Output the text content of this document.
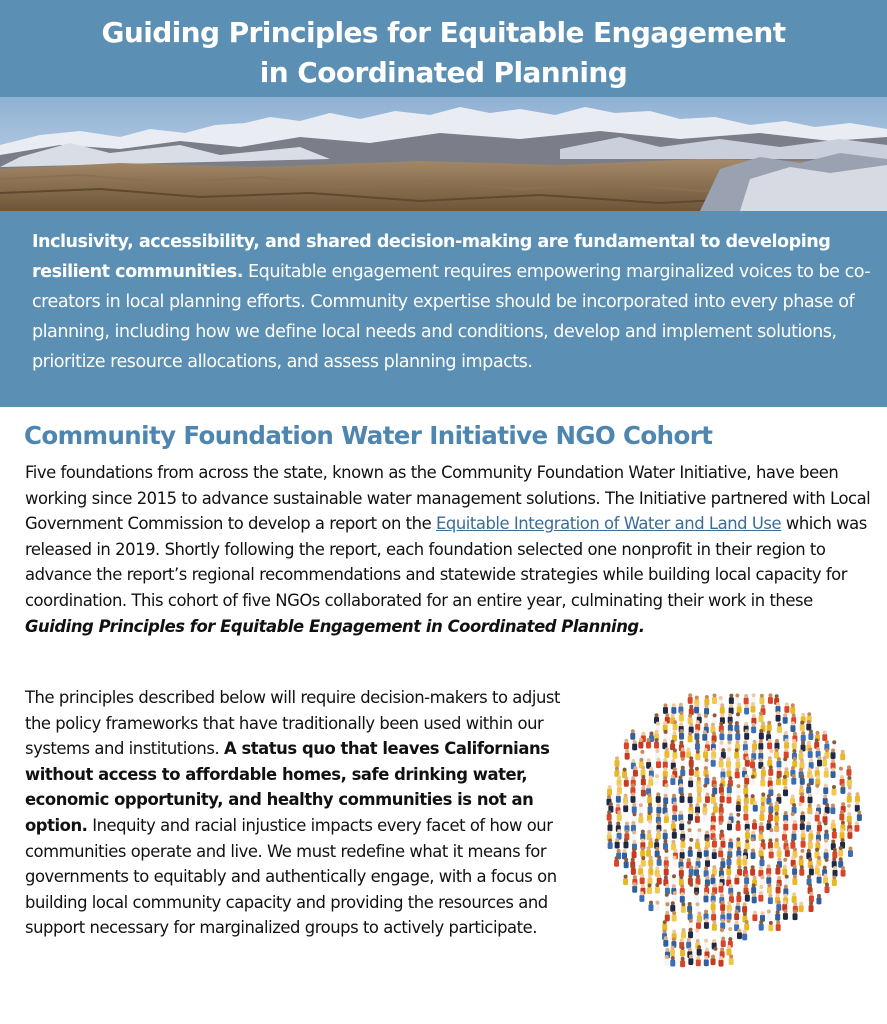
Guiding Principles for Equitable Engagement
in Coordinated Planning
Inclusivity, accessibility, and shared decision-making are fundamental to developing resilient communities. Equitable engagement requires empowering marginalized voices to be co-creators in local planning efforts. Community expertise should be incorporated into every phase of planning, including how we define local needs and conditions, develop and implement solutions, prioritize resource allocations, and assess planning impacts.
Community Foundation Water Initiative NGO Cohort

Five foundations from across the state, known as the Community Foundation Water Initiative, have been working since 2015 to advance sustainable water management solutions. The Initiative partnered with Local Government Commission to develop a report on the Equitable Integration of Water and Land Use which was released in 2019. Shortly following the report, each foundation selected one nonprofit in their region to advance the report’s regional recommendations and statewide strategies while building local capacity for coordination. This cohort of five NGOs collaborated for an entire year, culminating their work in these Guiding Principles for Equitable Engagement in Coordinated Planning.

The principles described below will require decision-makers to adjust the policy frameworks that have traditionally been used within our systems and institutions. A status quo that leaves Californians without access to affordable homes, safe drinking water, economic opportunity, and healthy communities is not an option. Inequity and racial injustice impacts every facet of how our communities operate and live. We must redefine what it means for governments to equitably and authentically engage, with a focus on building local community capacity and providing the resources and support necessary for marginalized groups to actively participate.
